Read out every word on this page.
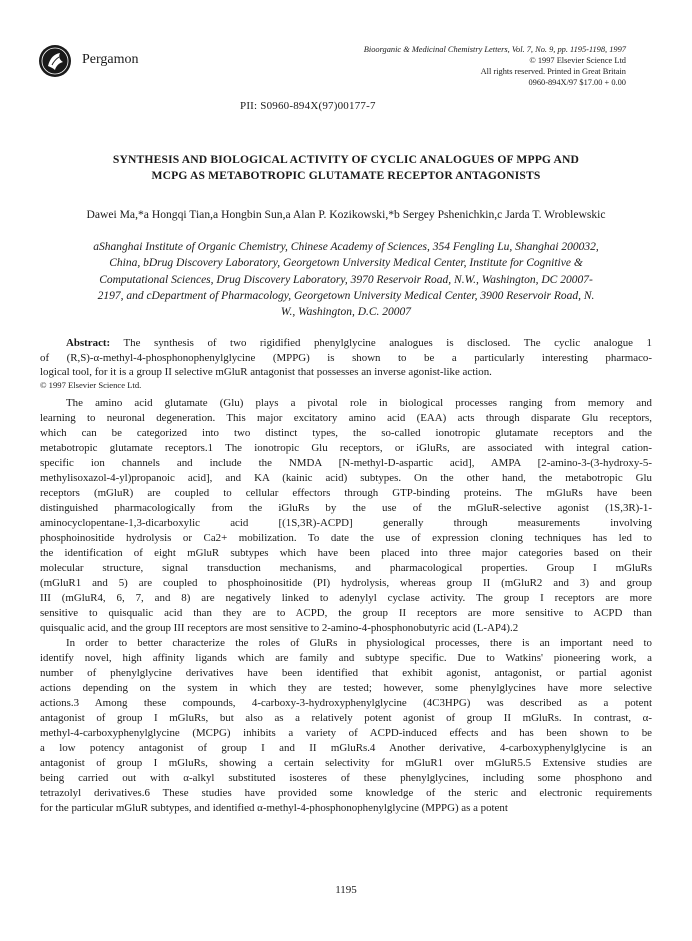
Pergamon
Bioorganic & Medicinal Chemistry Letters, Vol. 7, No. 9, pp. 1195-1198, 1997
© 1997 Elsevier Science Ltd
All rights reserved. Printed in Great Britain
0960-894X/97 $17.00 + 0.00
PII: S0960-894X(97)00177-7
SYNTHESIS AND BIOLOGICAL ACTIVITY OF CYCLIC ANALOGUES OF MPPG AND
MCPG AS METABOTROPIC GLUTAMATE RECEPTOR ANTAGONISTS
Dawei Ma,*a Hongqi Tian,a Hongbin Sun,a Alan P. Kozikowski,*b Sergey Pshenichkin,c Jarda T. Wroblewskic

aShanghai Institute of Organic Chemistry, Chinese Academy of Sciences, 354 Fengling Lu, Shanghai 200032,

China, bDrug Discovery Laboratory, Georgetown University Medical Center, Institute for Cognitive &

Computational Sciences, Drug Discovery Laboratory, 3970 Reservoir Road, N.W., Washington, DC 20007-

2197, and cDepartment of Pharmacology, Georgetown University Medical Center, 3900 Reservoir Road, N.

W., Washington, D.C. 20007

Abstract: The synthesis of two rigidified phenylglycine analogues is disclosed. The cyclic analogue 1
of (R,S)-α-methyl-4-phosphonophenylglycine (MPPG) is shown to be a particularly interesting pharmaco-
logical tool, for it is a group II selective mGluR antagonist that possesses an inverse agonist-like action.
© 1997 Elsevier Science Ltd.
The amino acid glutamate (Glu) plays a pivotal role in biological processes ranging from memory and
learning to neuronal degeneration. This major excitatory amino acid (EAA) acts through disparate Glu receptors,
which can be categorized into two distinct types, the so-called ionotropic glutamate receptors and the
metabotropic glutamate receptors.1 The ionotropic Glu receptors, or iGluRs, are associated with integral cation-
specific ion channels and include the NMDA [N-methyl-D-aspartic acid], AMPA [2-amino-3-(3-hydroxy-5-
methylisoxazol-4-yl)propanoic acid], and KA (kainic acid) subtypes. On the other hand, the metabotropic Glu
receptors (mGluR) are coupled to cellular effectors through GTP-binding proteins. The mGluRs have been
distinguished pharmacologically from the iGluRs by the use of the mGluR-selective agonist (1S,3R)-1-
aminocyclopentane-1,3-dicarboxylic acid [(1S,3R)-ACPD] generally through measurements involving
phosphoinositide hydrolysis or Ca2+ mobilization. To date the use of expression cloning techniques has led to
the identification of eight mGluR subtypes which have been placed into three major categories based on their
molecular structure, signal transduction mechanisms, and pharmacological properties. Group I mGluRs
(mGluR1 and 5) are coupled to phosphoinositide (PI) hydrolysis, whereas group II (mGluR2 and 3) and group
III (mGluR4, 6, 7, and 8) are negatively linked to adenylyl cyclase activity. The group I receptors are more
sensitive to quisqualic acid than they are to ACPD, the group II receptors are more sensitive to ACPD than
quisqualic acid, and the group III receptors are most sensitive to 2-amino-4-phosphonobutyric acid (L-AP4).2
In order to better characterize the roles of GluRs in physiological processes, there is an important need to
identify novel, high affinity ligands which are family and subtype specific. Due to Watkins' pioneering work, a
number of phenylglycine derivatives have been identified that exhibit agonist, antagonist, or partial agonist
actions depending on the system in which they are tested; however, some phenylglycines have more selective
actions.3 Among these compounds, 4-carboxy-3-hydroxyphenylglycine (4C3HPG) was described as a potent
antagonist of group I mGluRs, but also as a relatively potent agonist of group II mGluRs. In contrast, α-
methyl-4-carboxyphenylglycine (MCPG) inhibits a variety of ACPD-induced effects and has been shown to be
a low potency antagonist of group I and II mGluRs.4 Another derivative, 4-carboxyphenylglycine is an
antagonist of group I mGluRs, showing a certain selectivity for mGluR1 over mGluR5.5 Extensive studies are
being carried out with α-alkyl substituted isosteres of these phenylglycines, including some phosphono and
tetrazolyl derivatives.6 These studies have provided some knowledge of the steric and electronic requirements
for the particular mGluR subtypes, and identified α-methyl-4-phosphonophenylglycine (MPPG) as a potent
1195
